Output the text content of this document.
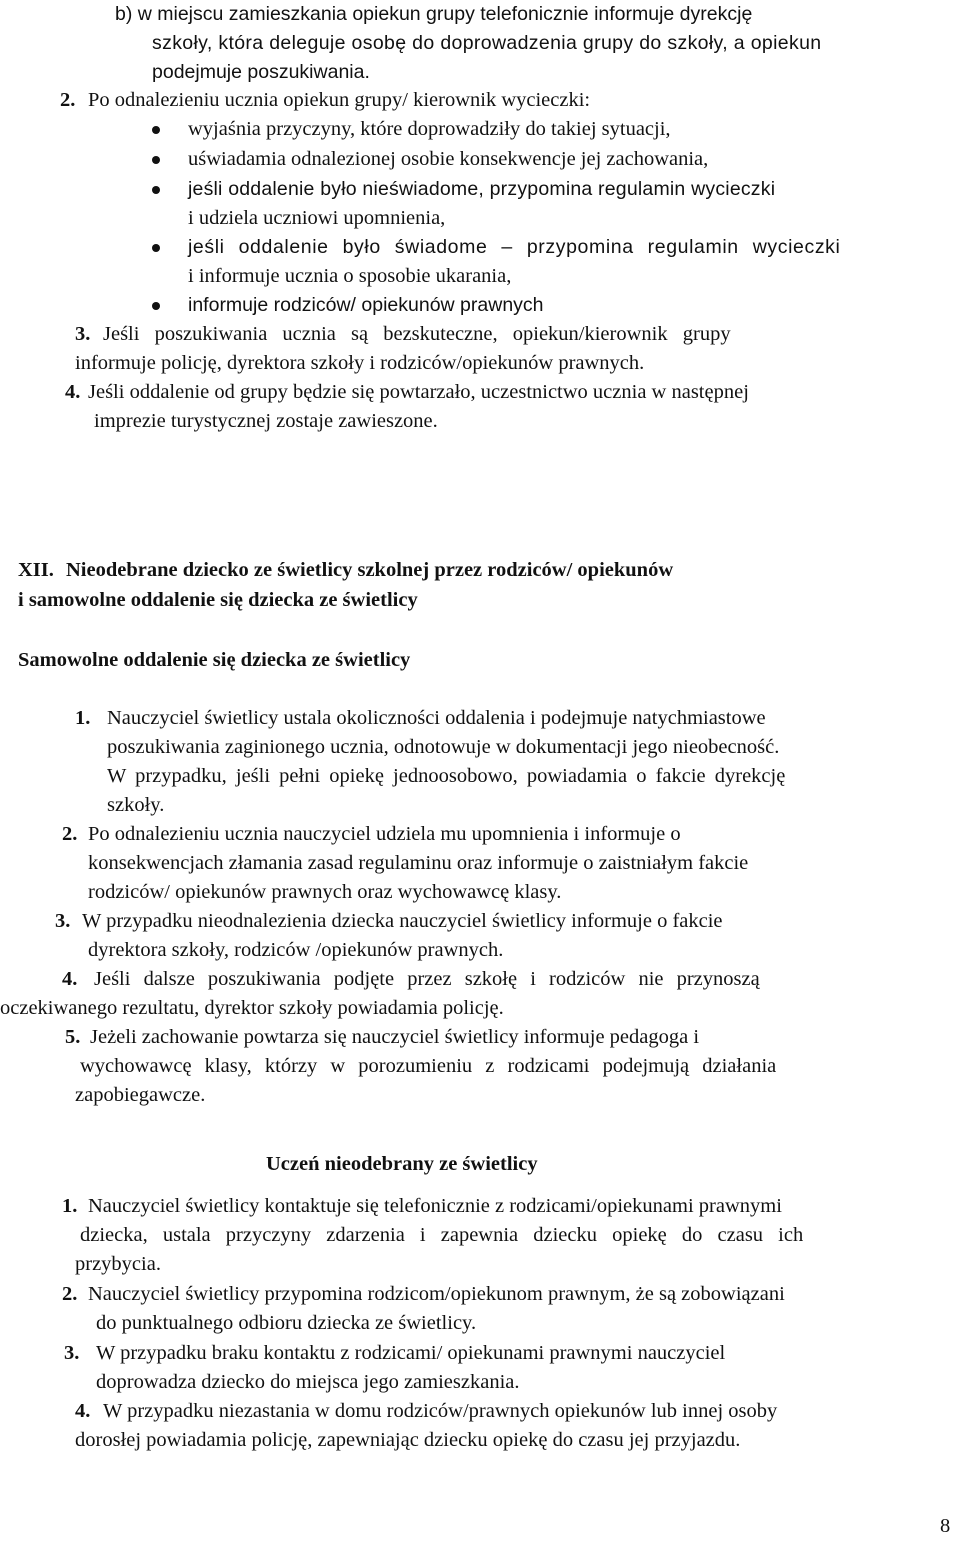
b) w miejscu zamieszkania opiekun grupy telefonicznie informuje dyrekcję
szkoły, która deleguje osobę do doprowadzenia grupy do szkoły, a opiekun
podejmuje poszukiwania.
2. Po odnalezieniu ucznia opiekun grupy/ kierownik wycieczki:
wyjaśnia przyczyny, które doprowadziły do takiej sytuacji,
uświadamia odnalezionej osobie konsekwencje jej zachowania,
jeśli oddalenie było nieświadome, przypomina regulamin wycieczki
i udziela uczniowi upomnienia,
jeśli oddalenie było świadome – przypomina regulamin wycieczki
i informuje ucznia o sposobie ukarania,
informuje rodziców/ opiekunów prawnych
3. Jeśli poszukiwania ucznia są bezskuteczne, opiekun/kierownik grupy
informuje policję, dyrektora szkoły i rodziców/opiekunów prawnych.
4. Jeśli oddalenie od grupy będzie się powtarzało, uczestnictwo ucznia w następnej
imprezie turystycznej zostaje zawieszone.
XII. Nieodebrane dziecko ze świetlicy szkolnej przez rodziców/ opiekunów
i samowolne oddalenie się dziecka ze świetlicy
Samowolne oddalenie się dziecka ze świetlicy
1. Nauczyciel świetlicy ustala okoliczności oddalenia i podejmuje natychmiastowe
poszukiwania zaginionego ucznia, odnotowuje w dokumentacji jego nieobecność.
W przypadku, jeśli pełni opiekę jednoosobowo, powiadamia o fakcie dyrekcję
szkoły.
2. Po odnalezieniu ucznia nauczyciel udziela mu upomnienia i informuje o
konsekwencjach złamania zasad regulaminu oraz informuje o zaistniałym fakcie
rodziców/ opiekunów prawnych oraz wychowawcę klasy.
3. W przypadku nieodnalezienia dziecka nauczyciel świetlicy informuje o fakcie
dyrektora szkoły, rodziców /opiekunów prawnych.
4. Jeśli dalsze poszukiwania podjęte przez szkołę i rodziców nie przynoszą
oczekiwanego rezultatu, dyrektor szkoły powiadamia policję.
5. Jeżeli zachowanie powtarza się nauczyciel świetlicy informuje pedagoga i
wychowawcę klasy, którzy w porozumieniu z rodzicami podejmują działania
zapobiegawcze.
Uczeń nieodebrany ze świetlicy
1. Nauczyciel świetlicy kontaktuje się telefonicznie z rodzicami/opiekunami prawnymi
dziecka, ustala przyczyny zdarzenia i zapewnia dziecku opiekę do czasu ich
przybycia.
2. Nauczyciel świetlicy przypomina rodzicom/opiekunom prawnym, że są zobowiązani
do punktualnego odbioru dziecka ze świetlicy.
3. W przypadku braku kontaktu z rodzicami/ opiekunami prawnymi nauczyciel
doprowadza dziecko do miejsca jego zamieszkania.
4. W przypadku niezastania w domu rodziców/prawnych opiekunów lub innej osoby
dorosłej powiadamia policję, zapewniając dziecku opiekę do czasu jej przyjazdu.
8
